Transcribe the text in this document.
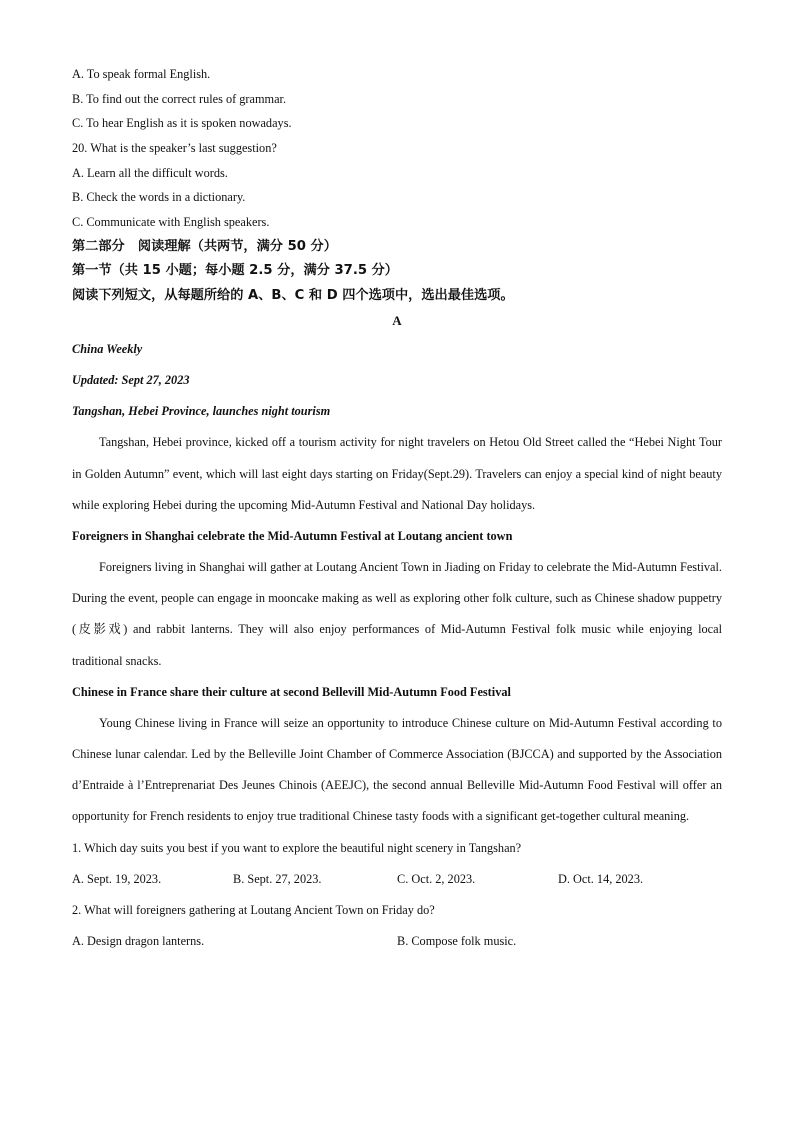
A. To speak formal English.
B. To find out the correct rules of grammar.
C. To hear English as it is spoken nowadays.
20. What is the speaker’s last suggestion?
A. Learn all the difficult words.
B. Check the words in a dictionary.
C. Communicate with English speakers.
第二部分　阅读理解（共两节，满分 50 分）
第一节（共 15 小题；每小题 2.5 分，满分 37.5 分）
阅读下列短文，从每题所给的 A、B、C 和 D 四个选项中，选出最佳选项。
A
China Weekly
Updated: Sept 27, 2023
Tangshan, Hebei Province, launches night tourism
Tangshan, Hebei province, kicked off a tourism activity for night travelers on Hetou Old Street called the “Hebei Night Tour in Golden Autumn” event, which will last eight days starting on Friday(Sept.29). Travelers can enjoy a special kind of night beauty while exploring Hebei during the upcoming Mid-Autumn Festival and National Day holidays.
Foreigners in Shanghai celebrate the Mid-Autumn Festival at Loutang ancient town
Foreigners living in Shanghai will gather at Loutang Ancient Town in Jiading on Friday to celebrate the Mid-Autumn Festival. During the event, people can engage in mooncake making as well as exploring other folk culture, such as Chinese shadow puppetry (皮影戏) and rabbit lanterns. They will also enjoy performances of Mid-Autumn Festival folk music while enjoying local traditional snacks.
Chinese in France share their culture at second Bellevill Mid-Autumn Food Festival
Young Chinese living in France will seize an opportunity to introduce Chinese culture on Mid-Autumn Festival according to Chinese lunar calendar. Led by the Belleville Joint Chamber of Commerce Association (BJCCA) and supported by the Association d’Entraide à l’Entreprenariat Des Jeunes Chinois (AEEJC), the second annual Belleville Mid-Autumn Food Festival will offer an opportunity for French residents to enjoy true traditional Chinese tasty foods with a significant get-together cultural meaning.
1. Which day suits you best if you want to explore the beautiful night scenery in Tangshan?
A. Sept. 19, 2023.	B. Sept. 27, 2023.	C. Oct. 2, 2023.	D. Oct. 14, 2023.
2. What will foreigners gathering at Loutang Ancient Town on Friday do?
A. Design dragon lanterns.	B. Compose folk music.
